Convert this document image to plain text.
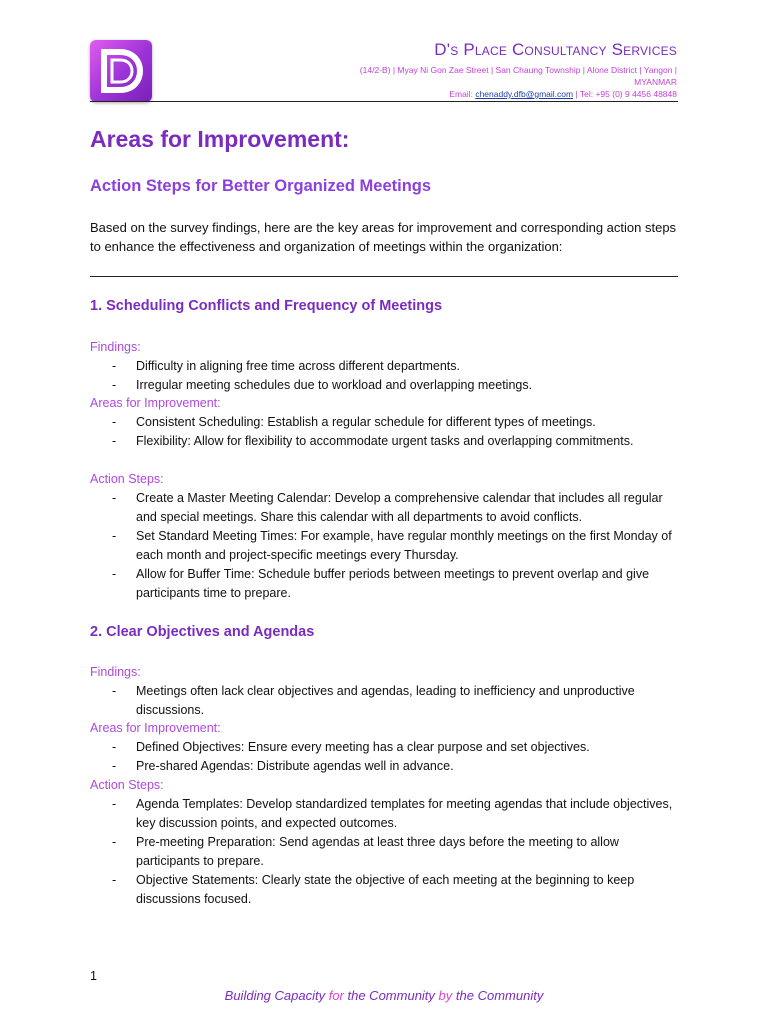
D's Place Consultancy Services
(14/2-B) | Myay Ni Gon Zae Street | San Chaung Township | Alone District | Yangon | MYANMAR
Email: chenaddy.dfb@gmail.com | Tel: +95 (0) 9 4456 48848
Areas for Improvement:
Action Steps for Better Organized Meetings
Based on the survey findings, here are the key areas for improvement and corresponding action steps to enhance the effectiveness and organization of meetings within the organization:
1. Scheduling Conflicts and Frequency of Meetings
Findings:
- Difficulty in aligning free time across different departments.
- Irregular meeting schedules due to workload and overlapping meetings.
Areas for Improvement:
- Consistent Scheduling: Establish a regular schedule for different types of meetings.
- Flexibility: Allow for flexibility to accommodate urgent tasks and overlapping commitments.
Action Steps:
- Create a Master Meeting Calendar: Develop a comprehensive calendar that includes all regular and special meetings. Share this calendar with all departments to avoid conflicts.
- Set Standard Meeting Times: For example, have regular monthly meetings on the first Monday of each month and project-specific meetings every Thursday.
- Allow for Buffer Time: Schedule buffer periods between meetings to prevent overlap and give participants time to prepare.
2. Clear Objectives and Agendas
Findings:
- Meetings often lack clear objectives and agendas, leading to inefficiency and unproductive discussions.
Areas for Improvement:
- Defined Objectives: Ensure every meeting has a clear purpose and set objectives.
- Pre-shared Agendas: Distribute agendas well in advance.
Action Steps:
- Agenda Templates: Develop standardized templates for meeting agendas that include objectives, key discussion points, and expected outcomes.
- Pre-meeting Preparation: Send agendas at least three days before the meeting to allow participants to prepare.
- Objective Statements: Clearly state the objective of each meeting at the beginning to keep discussions focused.
1
Building Capacity for the Community by the Community
